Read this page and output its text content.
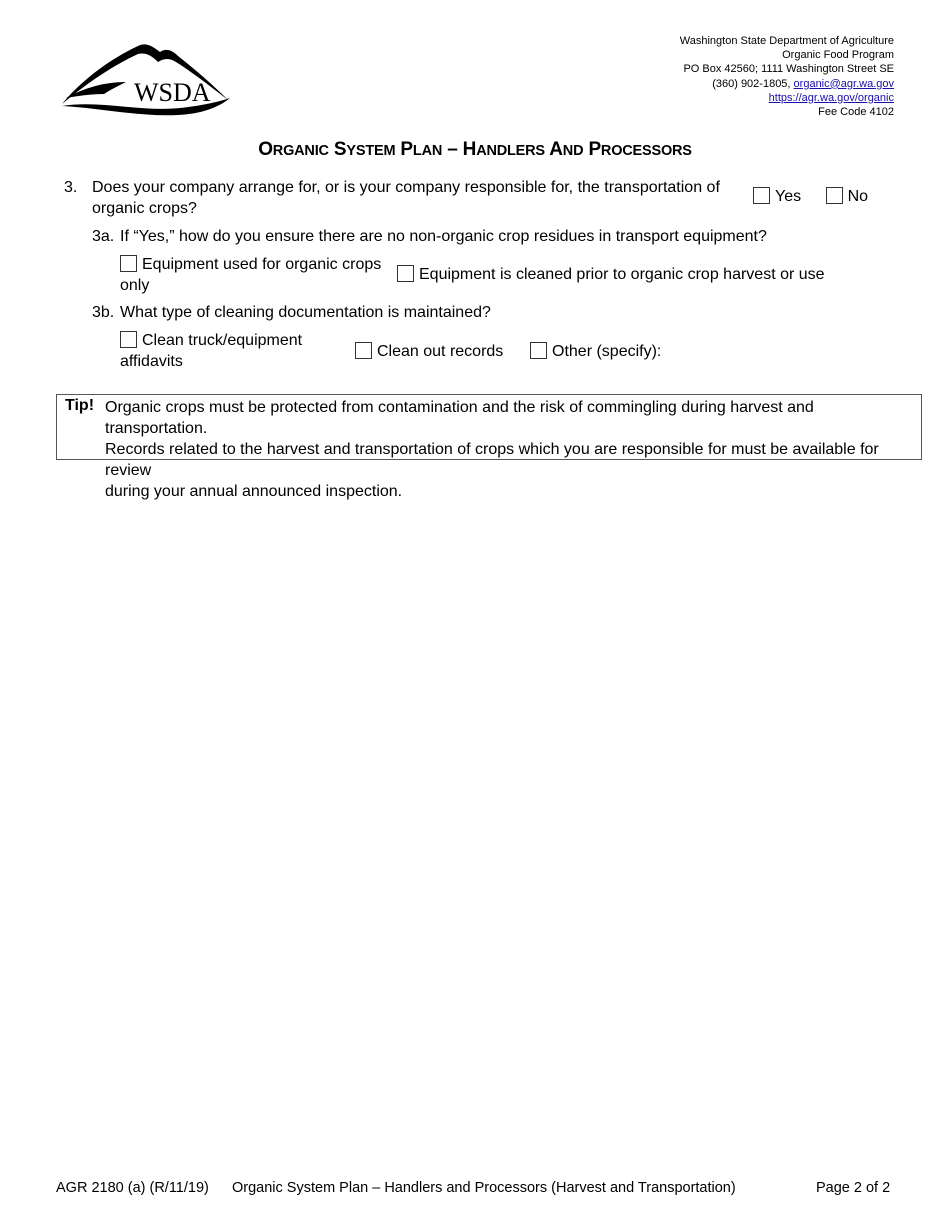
WSDA
Washington State Department of Agriculture
Organic Food Program
PO Box 42560; 1111 Washington Street SE
(360) 902-1805, organic@agr.wa.gov
https://agr.wa.gov/organic
Fee Code 4102
ORGANIC SYSTEM PLAN – HANDLERS AND PROCESSORS
3. Does your company arrange for, or is your company responsible for, the transportation of
organic crops?
Yes	No
3a. If “Yes,” how do you ensure there are no non-organic crop residues in transport equipment?
Equipment used for organic crops
only
Equipment is cleaned prior to organic crop harvest or use
3b. What type of cleaning documentation is maintained?
Clean truck/equipment
affidavits
Clean out records	Other (specify):
Tip! Organic crops must be protected from contamination and the risk of commingling during harvest and transportation.
Records related to the harvest and transportation of crops which you are responsible for must be available for review
during your annual announced inspection.
AGR 2180 (a) (R/11/19) Organic System Plan – Handlers and Processors (Harvest and Transportation)	Page 2 of 2
